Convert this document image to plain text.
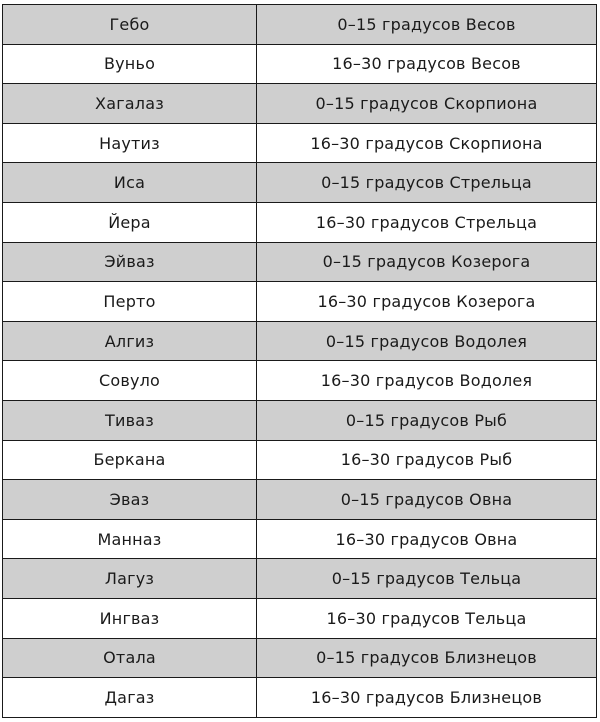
Гебо	0–15 градусов Весов
Вуньо	16–30 градусов Весов
Хагалаз	0–15 градусов Скорпиона
Наутиз	16–30 градусов Скорпиона
Иса	0–15 градусов Стрельца
Йера	16–30 градусов Стрельца
Эйваз	0–15 градусов Козерога
Перто	16–30 градусов Козерога
Алгиз	0–15 градусов Водолея
Совуло	16–30 градусов Водолея
Тиваз	0–15 градусов Рыб
Беркана	16–30 градусов Рыб
Эваз	0–15 градусов Овна
Манназ	16–30 градусов Овна
Лагуз	0–15 градусов Тельца
Ингваз	16–30 градусов Тельца
Отала	0–15 градусов Близнецов
Дагаз	16–30 градусов Близнецов
